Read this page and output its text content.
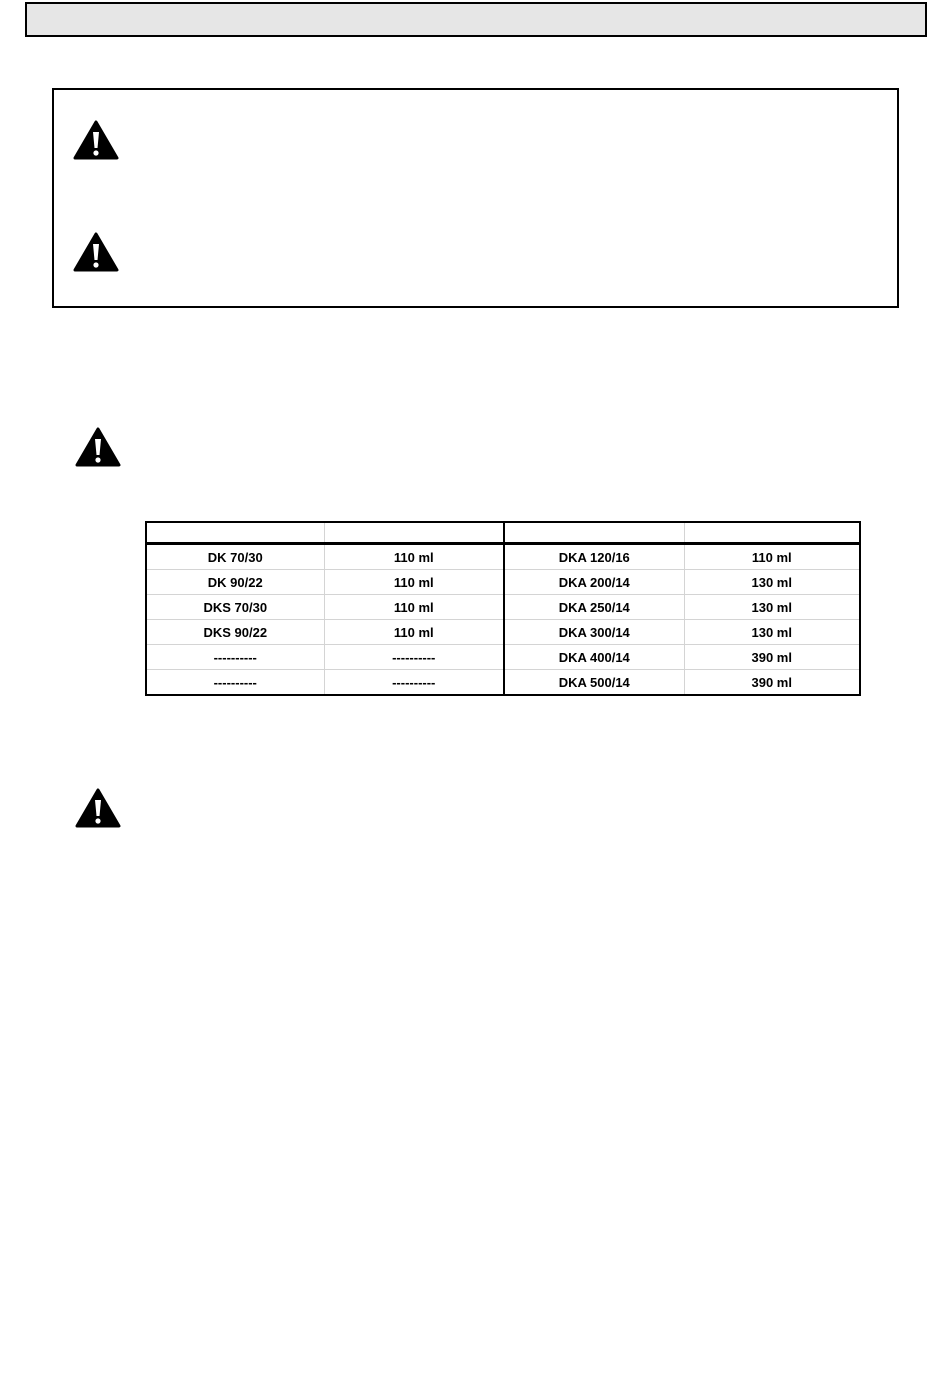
DK 70/30	110 ml	DKA 120/16	110 ml
DK 90/22	110 ml	DKA 200/14	130 ml
DKS 70/30	110 ml	DKA 250/14	130 ml
DKS 90/22	110 ml	DKA 300/14	130 ml
----------	----------	DKA 400/14	390 ml
----------	----------	DKA 500/14	390 ml
